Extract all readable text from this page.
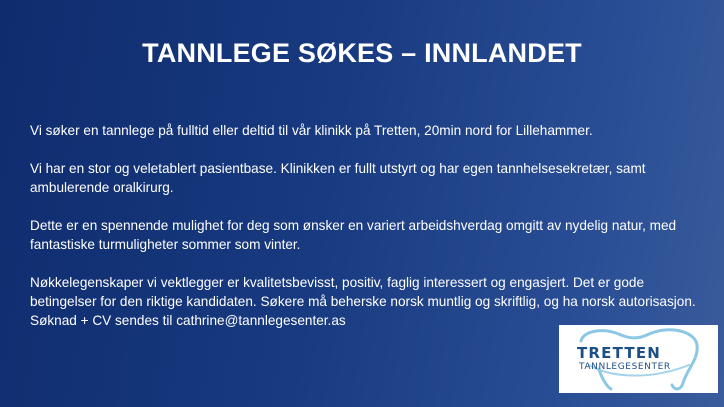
TANNLEGE SØKES – INNLANDET

Vi søker en tannlege på fulltid eller deltid til vår klinikk på Tretten, 20min nord for Lillehammer.

Vi har en stor og veletablert pasientbase. Klinikken er fullt utstyrt og har egen tannhelsesekretær, samt ambulerende oralkirurg.

Dette er en spennende mulighet for deg som ønsker en variert arbeidshverdag omgitt av nydelig natur, med fantastiske turmuligheter sommer som vinter.

Nøkkelegenskaper vi vektlegger er kvalitetsbevisst, positiv, faglig interessert og engasjert. Det er gode betingelser for den riktige kandidaten. Søkere må beherske norsk muntlig og skriftlig, og ha norsk autorisasjon. Søknad + CV sendes til cathrine@tannlegesenter.as

TRETTEN
TANNLEGESENTER
